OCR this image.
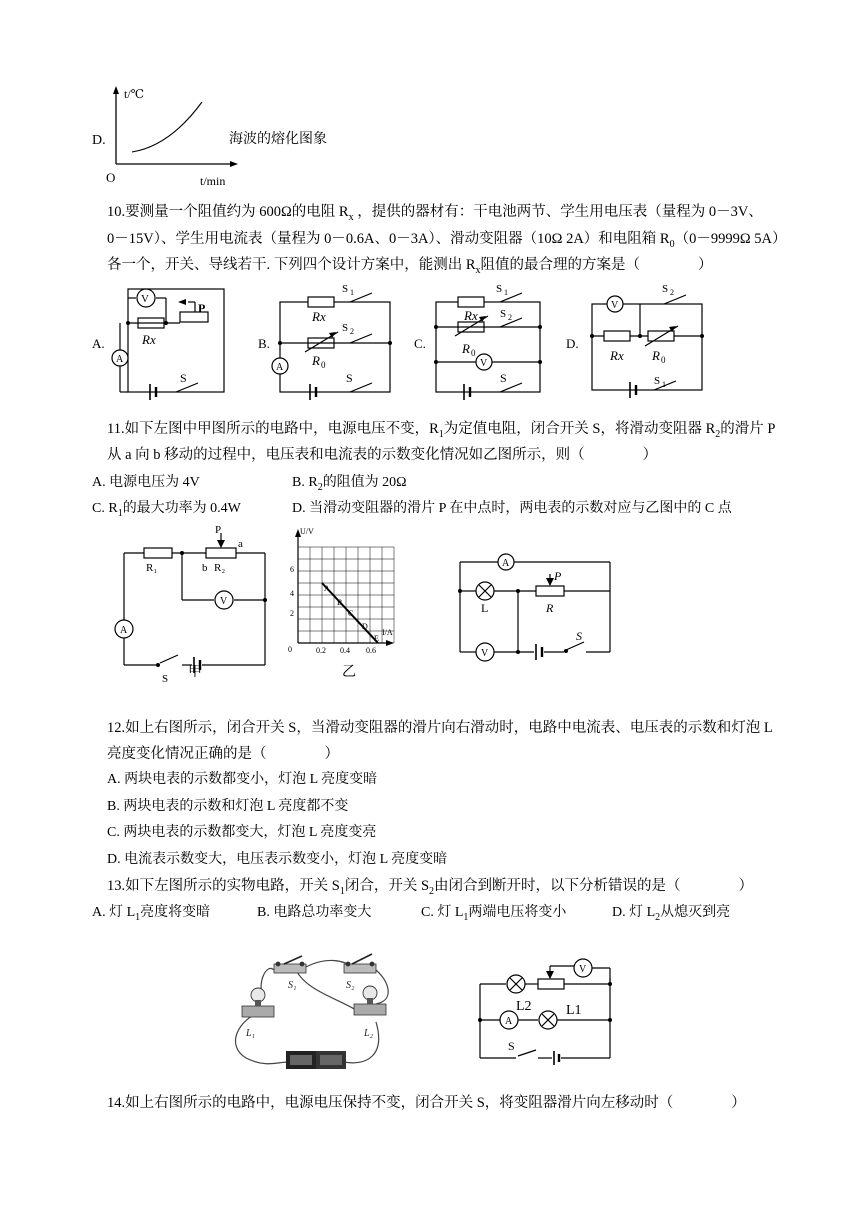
D.
t/℃
O	t/min
海波的熔化图象
10.要测量一个阻值约为 600Ω的电阻 $R_x$ ，提供的器材有：干电池两节、学生用电压表（量程为 0－3V、
0－15V）、学生用电流表（量程为 0－0.6A、0－3A）、滑动变阻器（10Ω 2A）和电阻箱 $R_0(0-9999\Omega$ 5A）
各一个，开关、导线若干. 下列四个设计方案中，能测出 $R_x$阻值的最合理的方案是（　　　　）
A.
V
P
Rx
A
S
B.
S 1
Rx
S 2
R 0
A
S
C.
S 1
Rx S 2
R 0
V
S
D.
V
S 2
Rx R 0
S 1
11.如下左图中甲图所示的电路中，电源电压不变，$R_1$为定值电阻，闭合开关 S，将滑动变阻器 $R_2$的滑片 P
从 a 向 b 移动的过程中，电压表和电流表的示数变化情况如乙图所示，则（　　　　）
A. 电源电压为 4V	B. $R_2$的阻值为 20Ω
C. $R_1$的最大功率为 0.4W	D. 当滑动变阻器的滑片 P 在中点时，两电表的示数对应与乙图中的 C 点
R₁	R₂
P
a
b
A
V
S 甲
U/V
I/A
0
2
4
6
0.2 0.4 0.6
A
B
C
D
E
乙
A
L
P
R
V
S
12.如上右图所示，闭合开关 S，当滑动变阻器的滑片向右滑动时，电路中电流表、电压表的示数和灯泡 L
亮度变化情况正确的是（　　　　）
A. 两块电表的示数都变小，灯泡 L 亮度变暗
B. 两块电表的示数和灯泡 L 亮度都不变
C. 两块电表的示数都变大，灯泡 L 亮度变亮
D. 电流表示数变大，电压表示数变小，灯泡 L 亮度变暗
13.如下左图所示的实物电路，开关 $S_1$闭合，开关 $S_2$由闭合到断开时，以下分析错误的是（　　　　）
A. 灯 $L_1$亮度将变暗	B. 电路总功率变大	C. 灯 $L_1$两端电压将变小	D. 灯 $L_2$从熄灭到亮
S₁	S₂
L₁	L₂
V
A
L2 L1
S
14.如上右图所示的电路中，电源电压保持不变，闭合开关 S，将变阻器滑片向左移动时（　　　　）
